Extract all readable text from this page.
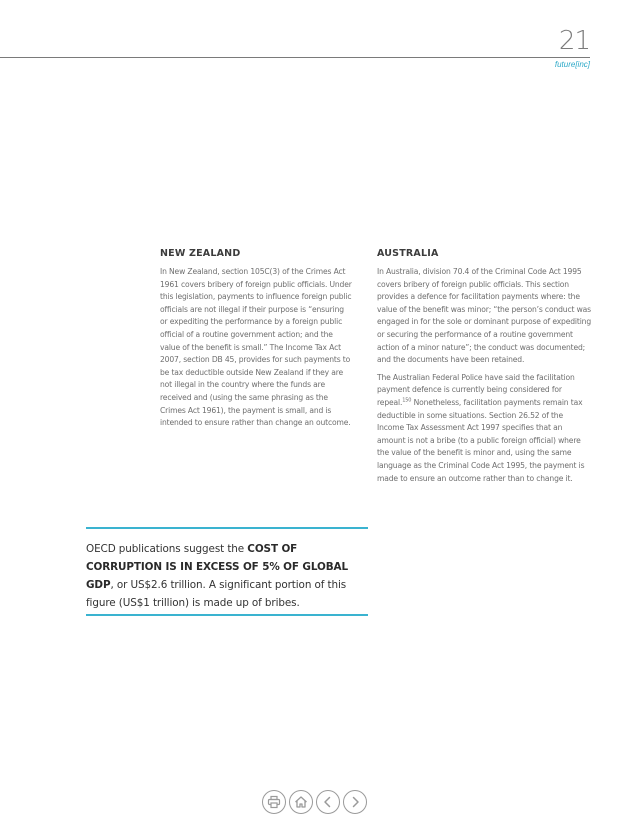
21
future[inc]
NEW ZEALAND

In New Zealand, section 105C(3) of the Crimes Act 1961 covers bribery of foreign public officials. Under this legislation, payments to influence foreign public officials are not illegal if their purpose is “ensuring or expediting the performance by a foreign public official of a routine government action; and the value of the benefit is small.” The Income Tax Act 2007, section DB 45, provides for such payments to be tax deductible outside New Zealand if they are not illegal in the country where the funds are received and (using the same phrasing as the Crimes Act 1961), the payment is small, and is intended to ensure rather than change an outcome.

AUSTRALIA

In Australia, division 70.4 of the Criminal Code Act 1995 covers bribery of foreign public officials. This section provides a defence for facilitation payments where: the value of the benefit was minor; “the person’s conduct was engaged in for the sole or dominant purpose of expediting or securing the performance of a routine government action of a minor nature”; the conduct was documented; and the documents have been retained.

The Australian Federal Police have said the facilitation payment defence is currently being considered for repeal.$^{150}$ Nonetheless, facilitation payments remain tax deductible in some situations. Section 26.52 of the Income Tax Assessment Act 1997 specifies that an amount is not a bribe (to a public foreign official) where the value of the benefit is minor and, using the same language as the Criminal Code Act 1995, the payment is made to ensure an outcome rather than to change it.

OECD publications suggest the COST OF CORRUPTION IS IN EXCESS OF 5% OF GLOBAL GDP, or US$2.6 trillion. A significant portion of this figure (US$1 trillion) is made up of bribes.
